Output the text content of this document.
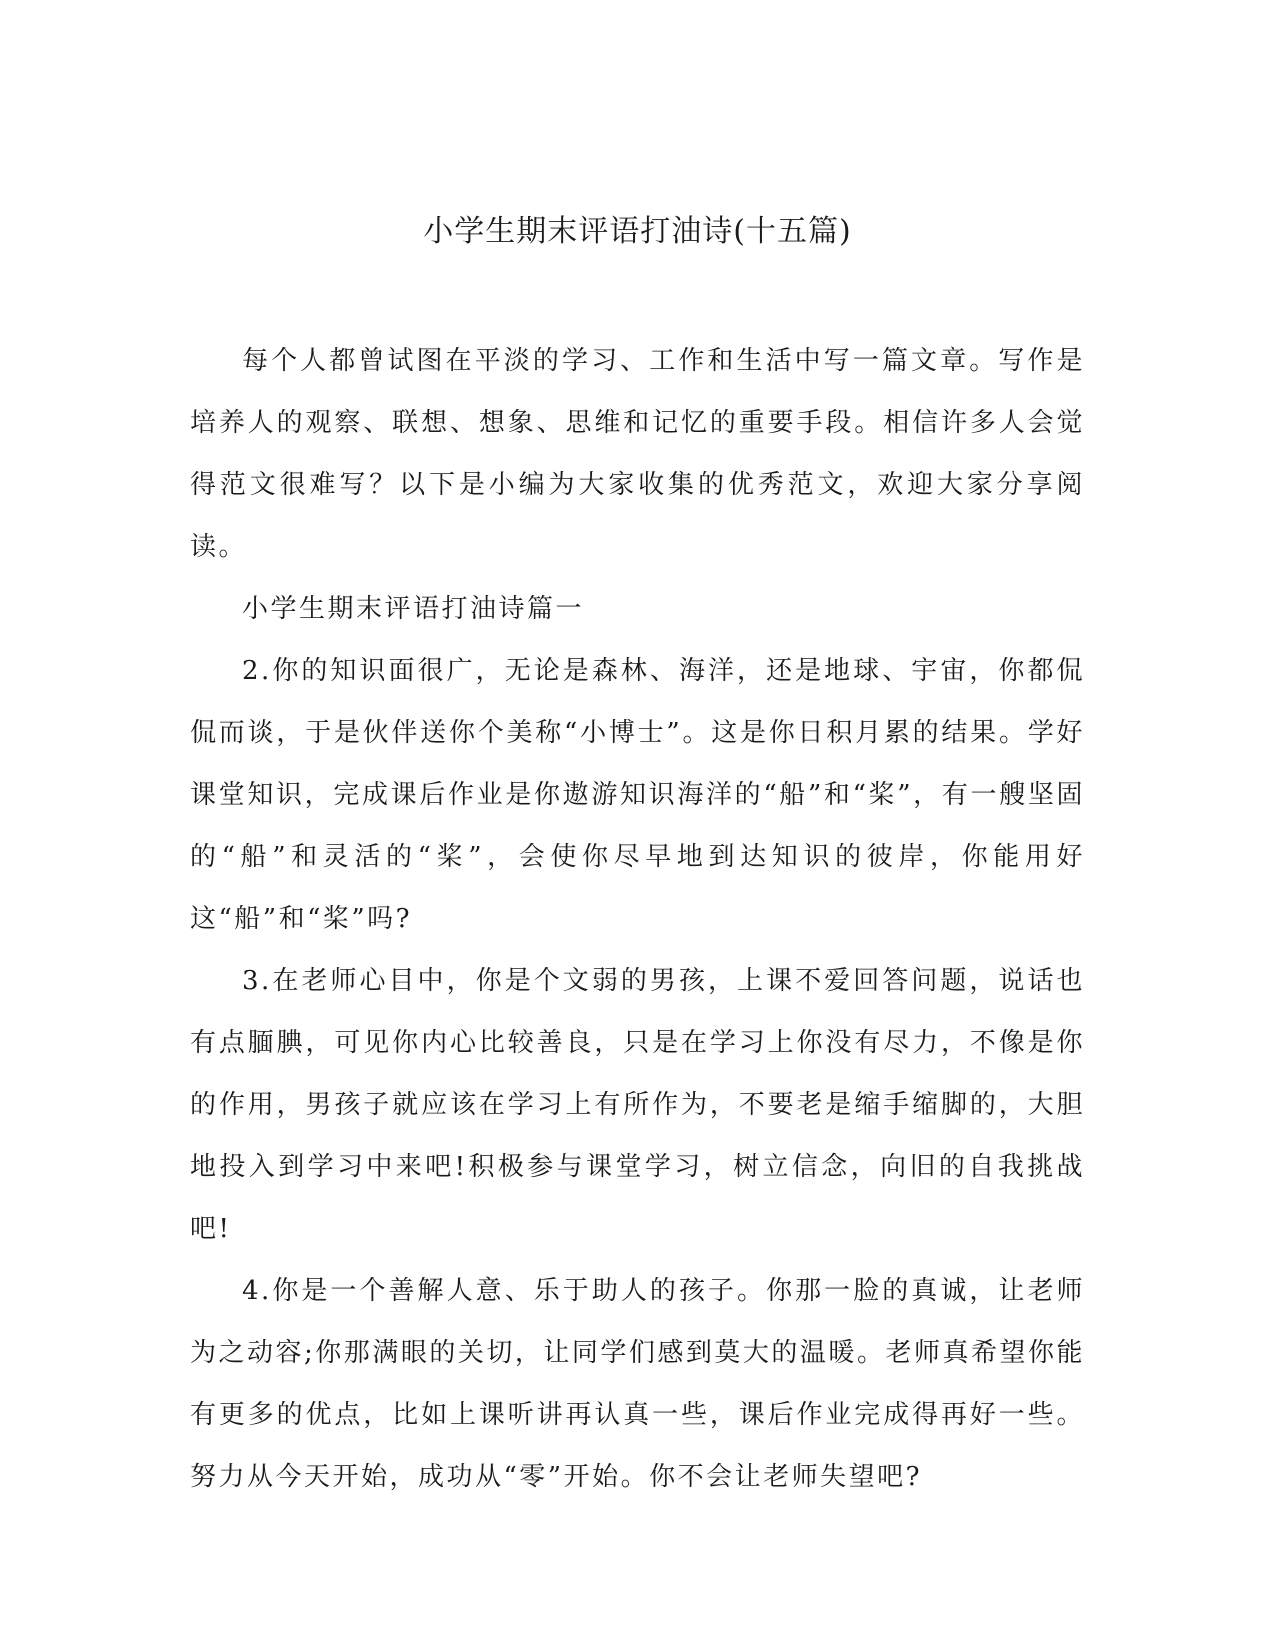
小学生期末评语打油诗(十五篇)

每个人都曾试图在平淡的学习、工作和生活中写一篇文章。写作是培养人的观察、联想、想象、思维和记忆的重要手段。相信许多人会觉得范文很难写？以下是小编为大家收集的优秀范文，欢迎大家分享阅读。

小学生期末评语打油诗篇一

2.你的知识面很广，无论是森林、海洋，还是地球、宇宙，你都侃侃而谈，于是伙伴送你个美称“小博士”。这是你日积月累的结果。学好课堂知识，完成课后作业是你遨游知识海洋的“船”和“桨”，有一艘坚固的“船”和灵活的“桨”，会使你尽早地到达知识的彼岸，你能用好这“船”和“桨”吗?

3.在老师心目中，你是个文弱的男孩，上课不爱回答问题，说话也有点腼腆，可见你内心比较善良，只是在学习上你没有尽力，不像是你的作用，男孩子就应该在学习上有所作为，不要老是缩手缩脚的，大胆地投入到学习中来吧!积极参与课堂学习，树立信念，向旧的自我挑战吧!

4.你是一个善解人意、乐于助人的孩子。你那一脸的真诚，让老师为之动容;你那满眼的关切，让同学们感到莫大的温暖。老师真希望你能有更多的优点，比如上课听讲再认真一些，课后作业完成得再好一些。努力从今天开始，成功从“零”开始。你不会让老师失望吧?
